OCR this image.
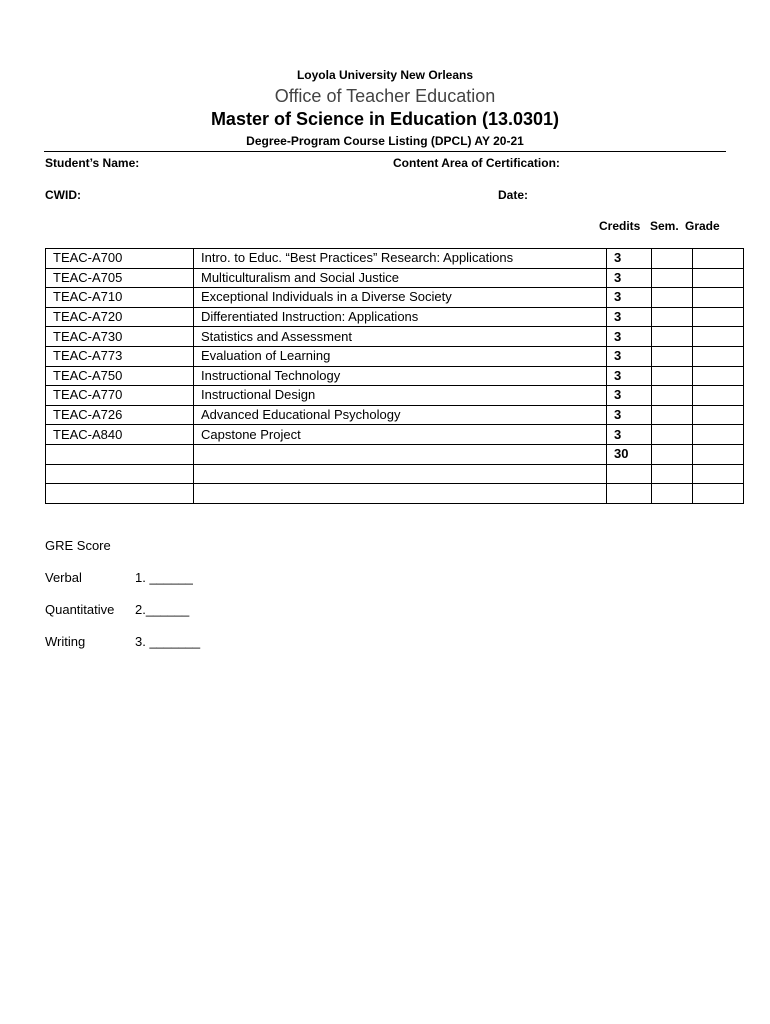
Loyola University New Orleans
Office of Teacher Education
Master of Science in Education (13.0301)
Degree-Program Course Listing (DPCL) AY 20-21
Student’s Name:	Content Area of Certification:
CWID:	Date:
Credits Sem. Grade
TEAC-A700	Intro. to Educ. “Best Practices” Research: Applications	3		
TEAC-A705	Multiculturalism and Social Justice	3		
TEAC-A710	Exceptional Individuals in a Diverse Society	3		
TEAC-A720	Differentiated Instruction: Applications	3		
TEAC-A730	Statistics and Assessment	3		
TEAC-A773	Evaluation of Learning	3		
TEAC-A750	Instructional Technology	3		
TEAC-A770	Instructional Design	3		
TEAC-A726	Advanced Educational Psychology	3		
TEAC-A840	Capstone Project	3		
		30		

GRE Score
Verbal	1. ______
Quantitative 2.______
Writing	3. _______
